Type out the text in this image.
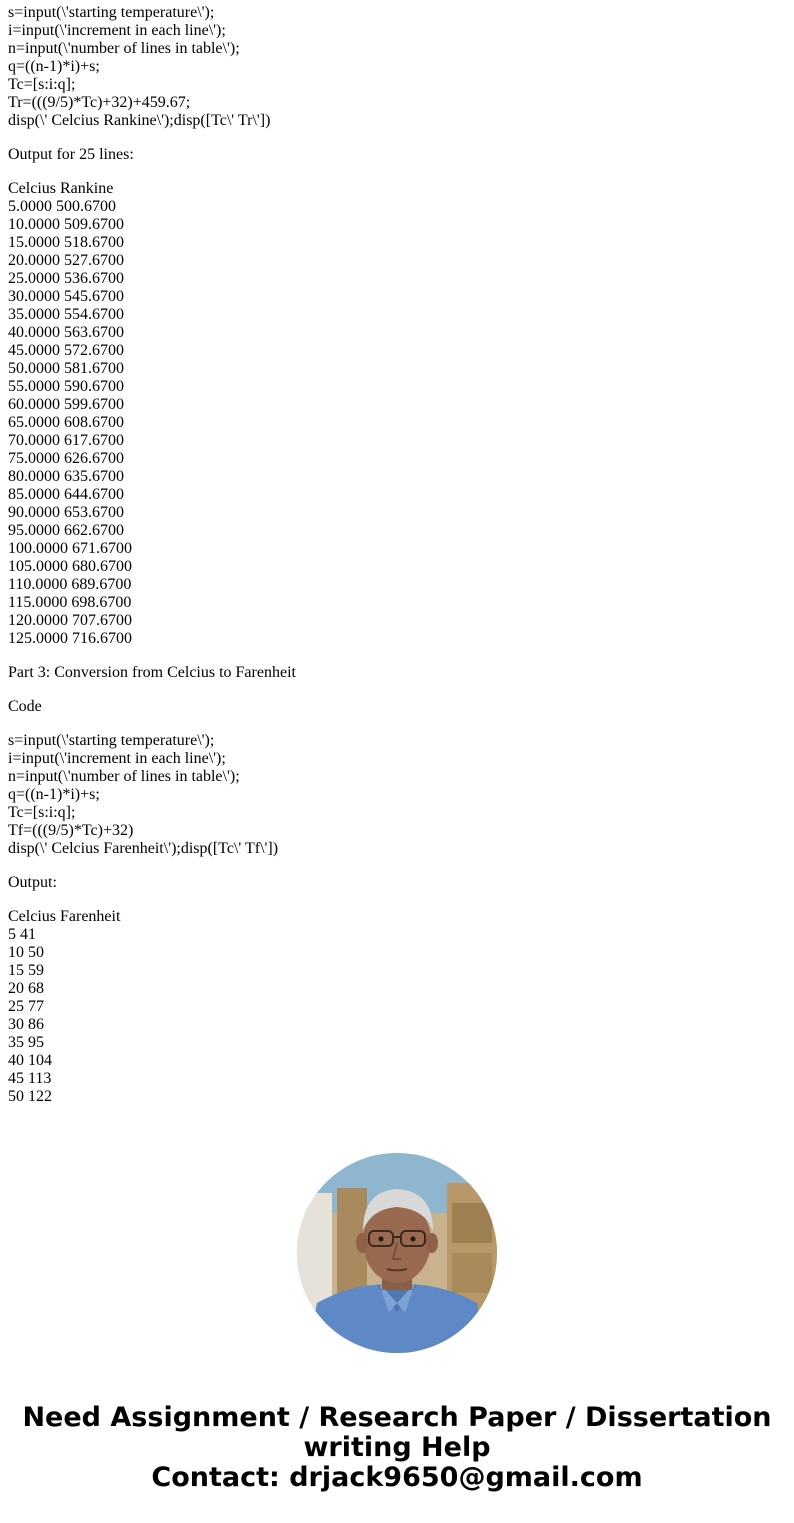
s=input(\'starting temperature\');
i=input(\'increment in each line\');
n=input(\'number of lines in table\');
q=((n-1)*i)+s;
Tc=[s:i:q];
Tr=(((9/5)*Tc)+32)+459.67;
disp(\' Celcius Rankine\');disp([Tc\' Tr\'])
Output for 25 lines:
Celcius Rankine
5.0000 500.6700
10.0000 509.6700
15.0000 518.6700
20.0000 527.6700
25.0000 536.6700
30.0000 545.6700
35.0000 554.6700
40.0000 563.6700
45.0000 572.6700
50.0000 581.6700
55.0000 590.6700
60.0000 599.6700
65.0000 608.6700
70.0000 617.6700
75.0000 626.6700
80.0000 635.6700
85.0000 644.6700
90.0000 653.6700
95.0000 662.6700
100.0000 671.6700
105.0000 680.6700
110.0000 689.6700
115.0000 698.6700
120.0000 707.6700
125.0000 716.6700
Part 3: Conversion from Celcius to Farenheit
Code
s=input(\'starting temperature\');
i=input(\'increment in each line\');
n=input(\'number of lines in table\');
q=((n-1)*i)+s;
Tc=[s:i:q];
Tf=(((9/5)*Tc)+32)
disp(\' Celcius Farenheit\');disp([Tc\' Tf\'])
Output:
Celcius Farenheit
5 41
10 50
15 59
20 68
25 77
30 86
35 95
40 104
45 113
50 122
Need Assignment / Research Paper / Dissertation
writing Help
Contact: drjack9650@gmail.com
